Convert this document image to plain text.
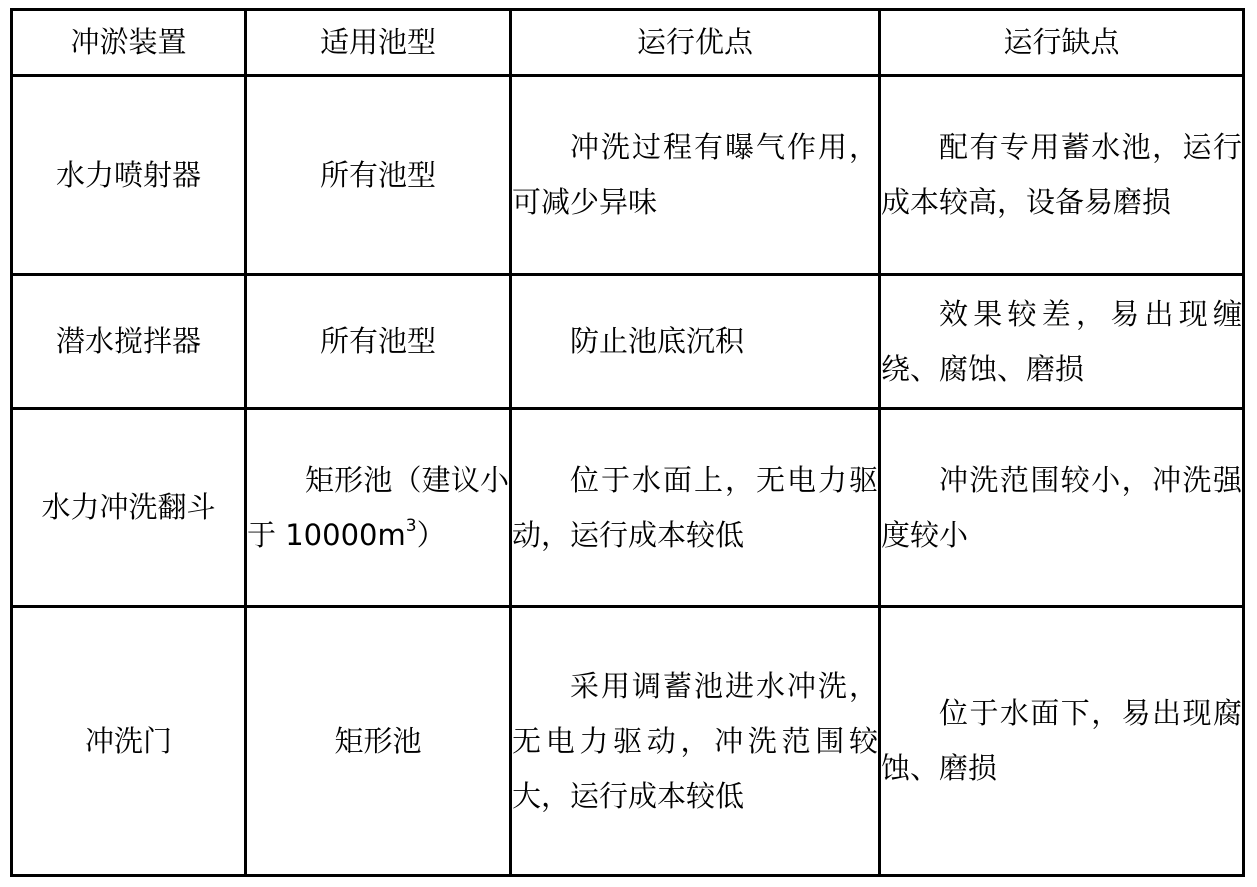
冲淤装置	适用池型	运行优点	运行缺点
水力喷射器	所有池型	冲洗过程有曝气作用，可减少异味	配有专用蓄水池，运行成本较高，设备易磨损

潜水搅拌器	所有池型	防止池底沉积	效果较差，易出现缠绕、腐蚀、磨损

水力冲洗翻斗	矩形池（建议小于 $10000m^3$）	位于水面上，无电力驱动，运行成本较低	冲洗范围较小，冲洗强度较小

冲洗门	矩形池	采用调蓄池进水冲洗，无电力驱动，冲洗范围较大，运行成本较低	位于水面下，易出现腐蚀、磨损
